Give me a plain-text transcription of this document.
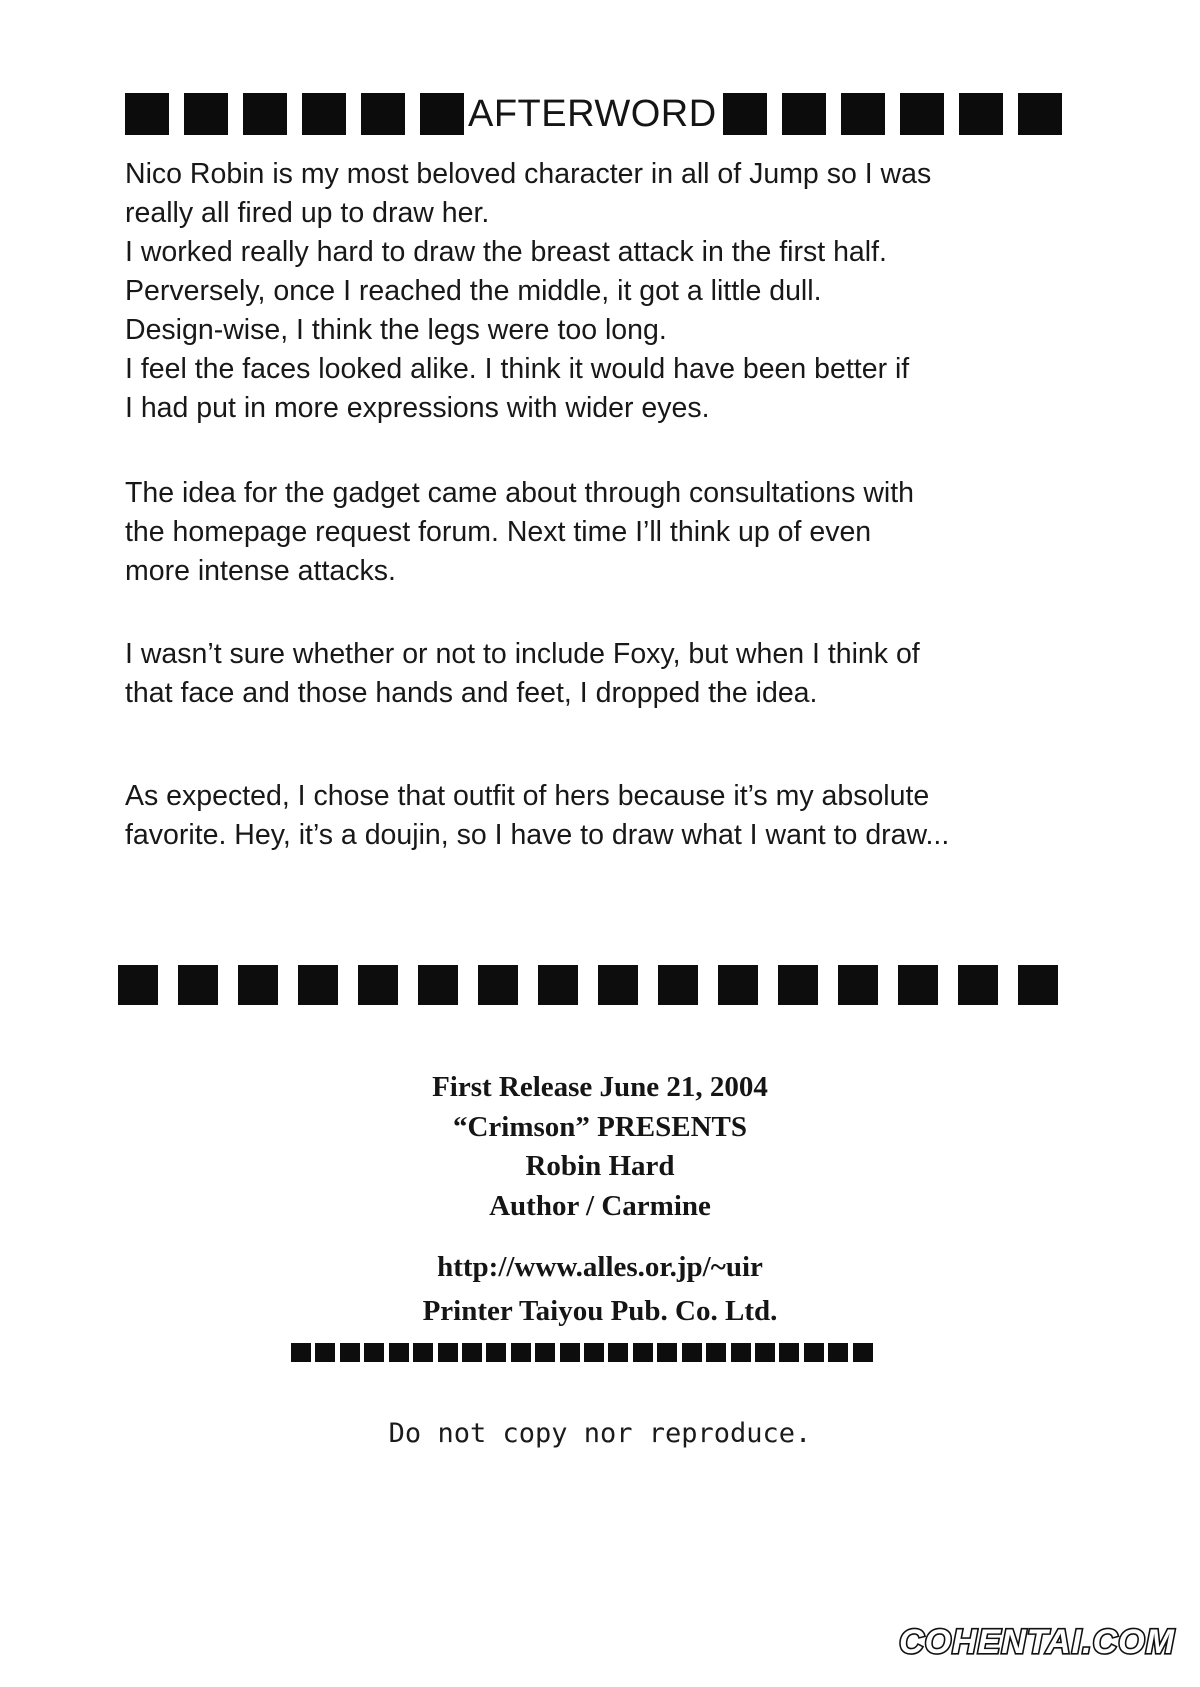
AFTERWORD

Nico Robin is my most beloved character in all of Jump so I was

really all fired up to draw her.

I worked really hard to draw the breast attack in the first half.

Perversely, once I reached the middle, it got a little dull.

Design-wise, I think the legs were too long.

I feel the faces looked alike. I think it would have been better if

I had put in more expressions with wider eyes.

The idea for the gadget came about through consultations with

the homepage request forum. Next time I’ll think up of even

more intense attacks.

I wasn’t sure whether or not to include Foxy, but when I think of

that face and those hands and feet, I dropped the idea.

As expected, I chose that outfit of hers because it’s my absolute

favorite. Hey, it’s a doujin, so I have to draw what I want to draw...

First Release June 21, 2004
“Crimson” PRESENTS
Robin Hard
Author / Carmine
http://www.alles.or.jp/~uir
Printer Taiyou Pub. Co. Ltd.
Do not copy nor reproduce.
COHENTAI.COM
